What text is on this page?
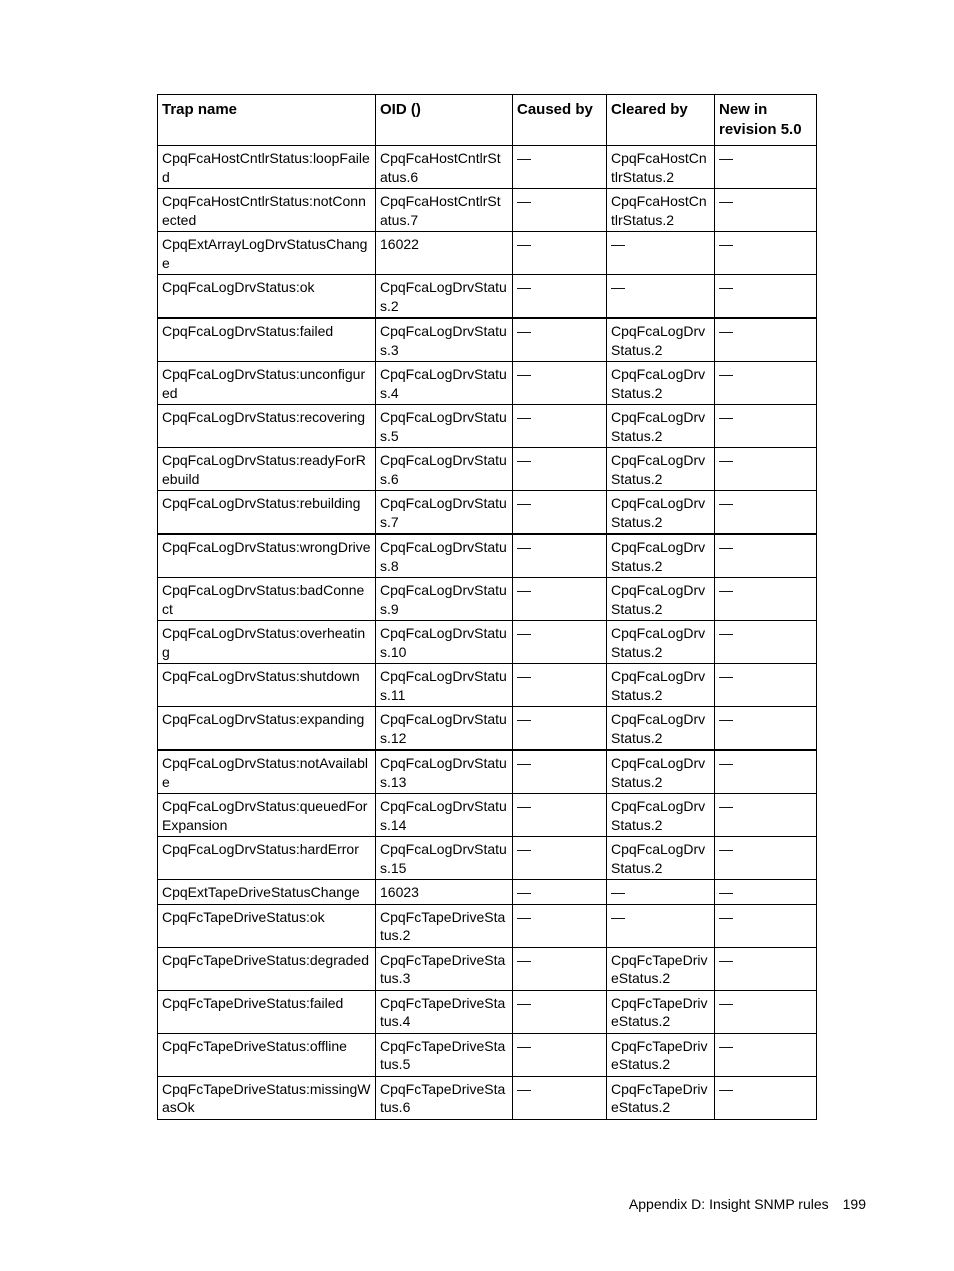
Trap name	OID ()	Caused by	Cleared by	New in revision 5.0
CpqFcaHostCntlrStatus:loopFailed	CpqFcaHostCntlrStatus.6	—	CpqFcaHostCntlrStatus.2	—
CpqFcaHostCntlrStatus:notConnected	CpqFcaHostCntlrStatus.7	—	CpqFcaHostCntlrStatus.2	—
CpqExtArrayLogDrvStatusChange	16022	—	—	—
CpqFcaLogDrvStatus:ok	CpqFcaLogDrvStatus.2	—	—	—
CpqFcaLogDrvStatus:failed	CpqFcaLogDrvStatus.3	—	CpqFcaLogDrvStatus.2	—
CpqFcaLogDrvStatus:unconfigured	CpqFcaLogDrvStatus.4	—	CpqFcaLogDrvStatus.2	—
CpqFcaLogDrvStatus:recovering	CpqFcaLogDrvStatus.5	—	CpqFcaLogDrvStatus.2	—
CpqFcaLogDrvStatus:readyForRebuild	CpqFcaLogDrvStatus.6	—	CpqFcaLogDrvStatus.2	—
CpqFcaLogDrvStatus:rebuilding	CpqFcaLogDrvStatus.7	—	CpqFcaLogDrvStatus.2	—
CpqFcaLogDrvStatus:wrongDrive	CpqFcaLogDrvStatus.8	—	CpqFcaLogDrvStatus.2	—
CpqFcaLogDrvStatus:badConnect	CpqFcaLogDrvStatus.9	—	CpqFcaLogDrvStatus.2	—
CpqFcaLogDrvStatus:overheating	CpqFcaLogDrvStatus.10	—	CpqFcaLogDrvStatus.2	—
CpqFcaLogDrvStatus:shutdown	CpqFcaLogDrvStatus.11	—	CpqFcaLogDrvStatus.2	—
CpqFcaLogDrvStatus:expanding	CpqFcaLogDrvStatus.12	—	CpqFcaLogDrvStatus.2	—
CpqFcaLogDrvStatus:notAvailable	CpqFcaLogDrvStatus.13	—	CpqFcaLogDrvStatus.2	—
CpqFcaLogDrvStatus:queuedForExpansion	CpqFcaLogDrvStatus.14	—	CpqFcaLogDrvStatus.2	—
CpqFcaLogDrvStatus:hardError	CpqFcaLogDrvStatus.15	—	CpqFcaLogDrvStatus.2	—
CpqExtTapeDriveStatusChange	16023	—	—	—
CpqFcTapeDriveStatus:ok	CpqFcTapeDriveStatus.2	—	—	—
CpqFcTapeDriveStatus:degraded	CpqFcTapeDriveStatus.3	—	CpqFcTapeDriveStatus.2	—
CpqFcTapeDriveStatus:failed	CpqFcTapeDriveStatus.4	—	CpqFcTapeDriveStatus.2	—
CpqFcTapeDriveStatus:offline	CpqFcTapeDriveStatus.5	—	CpqFcTapeDriveStatus.2	—
CpqFcTapeDriveStatus:missingWasOk	CpqFcTapeDriveStatus.6	—	CpqFcTapeDriveStatus.2	—
Appendix D: Insight SNMP rules 199
